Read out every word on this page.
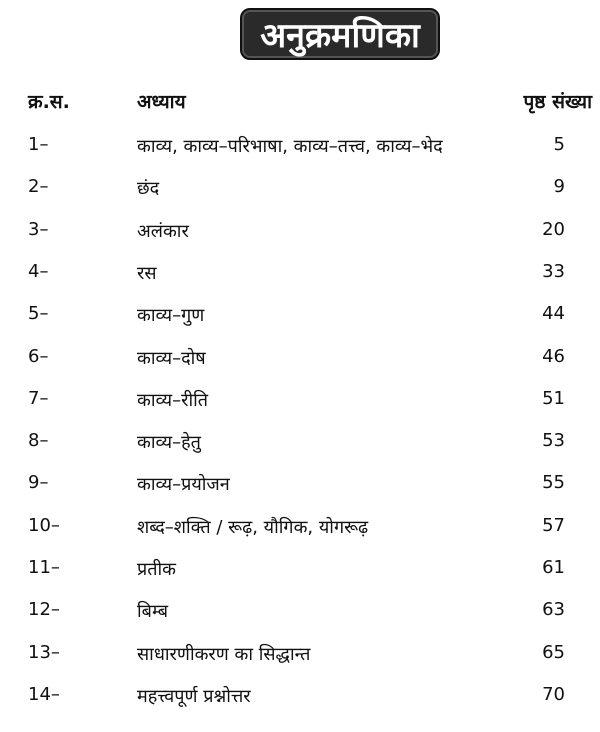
अनुक्रमणिका
क्र.स.	अध्याय	पृष्ठ संख्या
1–	काव्य, काव्य–परिभाषा, काव्य–तत्त्व, काव्य–भेद	5
2–	छंद	9
3–	अलंकार	20
4–	रस	33
5–	काव्य–गुण	44
6–	काव्य–दोष	46
7–	काव्य–रीति	51
8–	काव्य–हेतु	53
9–	काव्य–प्रयोजन	55
10–	शब्द–शक्ति / रूढ़, यौगिक, योगरूढ़	57
11–	प्रतीक	61
12–	बिम्ब	63
13–	साधारणीकरण का सिद्धान्त	65
14–	महत्त्वपूर्ण प्रश्नोत्तर	70
